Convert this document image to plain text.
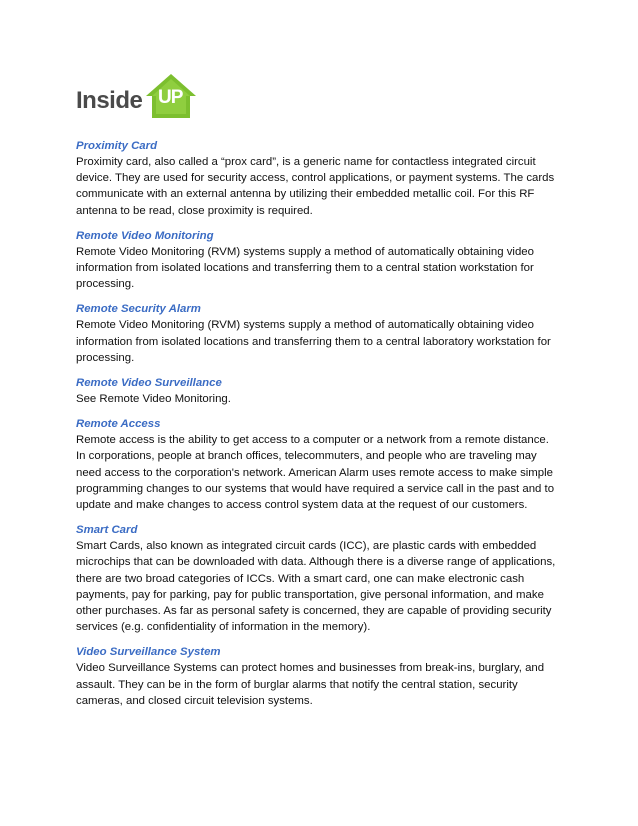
Inside UP

Proximity Card

Proximity card, also called a “prox card”, is a generic name for contactless integrated circuit
device. They are used for security access, control applications, or payment systems. The cards
communicate with an external antenna by utilizing their embedded metallic coil. For this RF
antenna to be read, close proximity is required.

Remote Video Monitoring

Remote Video Monitoring (RVM) systems supply a method of automatically obtaining video
information from isolated locations and transferring them to a central station workstation for
processing.

Remote Security Alarm

Remote Video Monitoring (RVM) systems supply a method of automatically obtaining video
information from isolated locations and transferring them to a central laboratory workstation for
processing.

Remote Video Surveillance

See Remote Video Monitoring.

Remote Access

Remote access is the ability to get access to a computer or a network from a remote distance.
In corporations, people at branch offices, telecommuters, and people who are traveling may
need access to the corporation's network. American Alarm uses remote access to make simple
programming changes to our systems that would have required a service call in the past and to
update and make changes to access control system data at the request of our customers.

Smart Card

Smart Cards, also known as integrated circuit cards (ICC), are plastic cards with embedded
microchips that can be downloaded with data. Although there is a diverse range of applications,
there are two broad categories of ICCs. With a smart card, one can make electronic cash
payments, pay for parking, pay for public transportation, give personal information, and make
other purchases. As far as personal safety is concerned, they are capable of providing security
services (e.g. confidentiality of information in the memory).

Video Surveillance System

Video Surveillance Systems can protect homes and businesses from break-ins, burglary, and
assault. They can be in the form of burglar alarms that notify the central station, security
cameras, and closed circuit television systems.
